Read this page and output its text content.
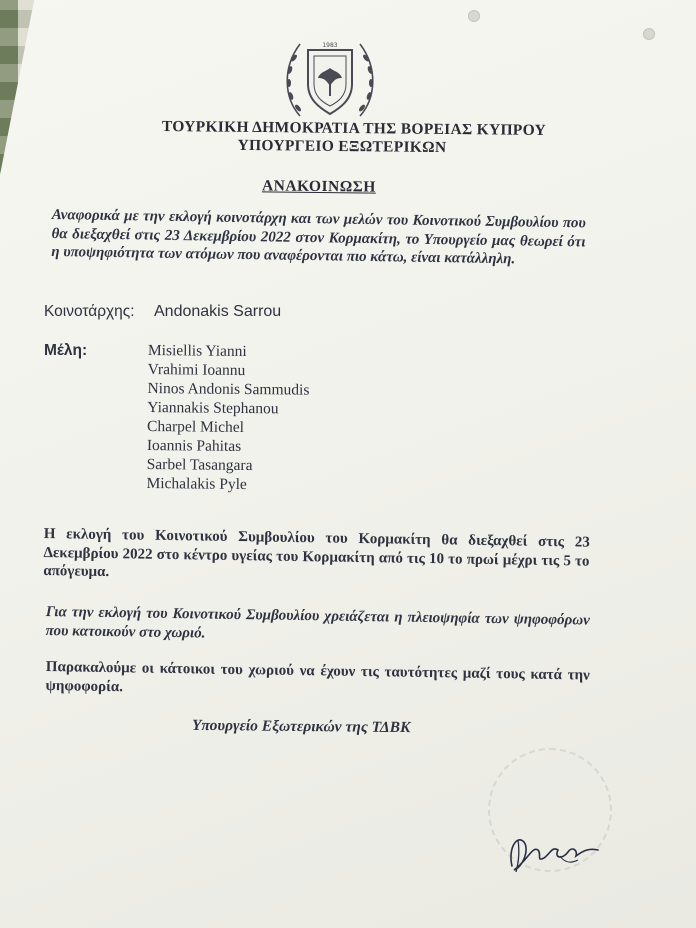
1983
ΤΟΥΡΚΙΚΗ ΔΗΜΟΚΡΑΤΙΑ ΤΗΣ ΒΟΡΕΙΑΣ ΚΥΠΡΟΥ
ΥΠΟΥΡΓΕΙΟ ΕΞΩΤΕΡΙΚΩΝ
ΑΝΑΚΟΙΝΩΣΗ
Αναφορικά με την εκλογή κοινοτάρχη και των μελών του Κοινοτικού Συμβουλίου που θα διεξαχθεί στις 23 Δεκεμβρίου 2022 στον Κορμακίτη, το Υπουργείο μας θεωρεί ότι η υποψηφιότητα των ατόμων που αναφέρονται πιο κάτω, είναι κατάλληλη.
Κοινοτάρχης: Andonakis Sarrou
Μέλη:	Misiellis Yianni
Vrahimi Ioannu
Ninos Andonis Sammudis
Yiannakis Stephanou
Charpel Michel
Ioannis Pahitas
Sarbel Tasangara
Michalakis Pyle
Η εκλογή του Κοινοτικού Συμβουλίου του Κορμακίτη θα διεξαχθεί στις 23 Δεκεμβρίου 2022 στο κέντρο υγείας του Κορμακίτη από τις 10 το πρωί μέχρι τις 5 το απόγευμα.
Για την εκλογή του Κοινοτικού Συμβουλίου χρειάζεται η πλειοψηφία των ψηφοφόρων που κατοικούν στο χωριό.
Παρακαλούμε οι κάτοικοι του χωριού να έχουν τις ταυτότητες μαζί τους κατά την ψηφοφορία.
Υπουργείο Εξωτερικών της ΤΔΒΚ
